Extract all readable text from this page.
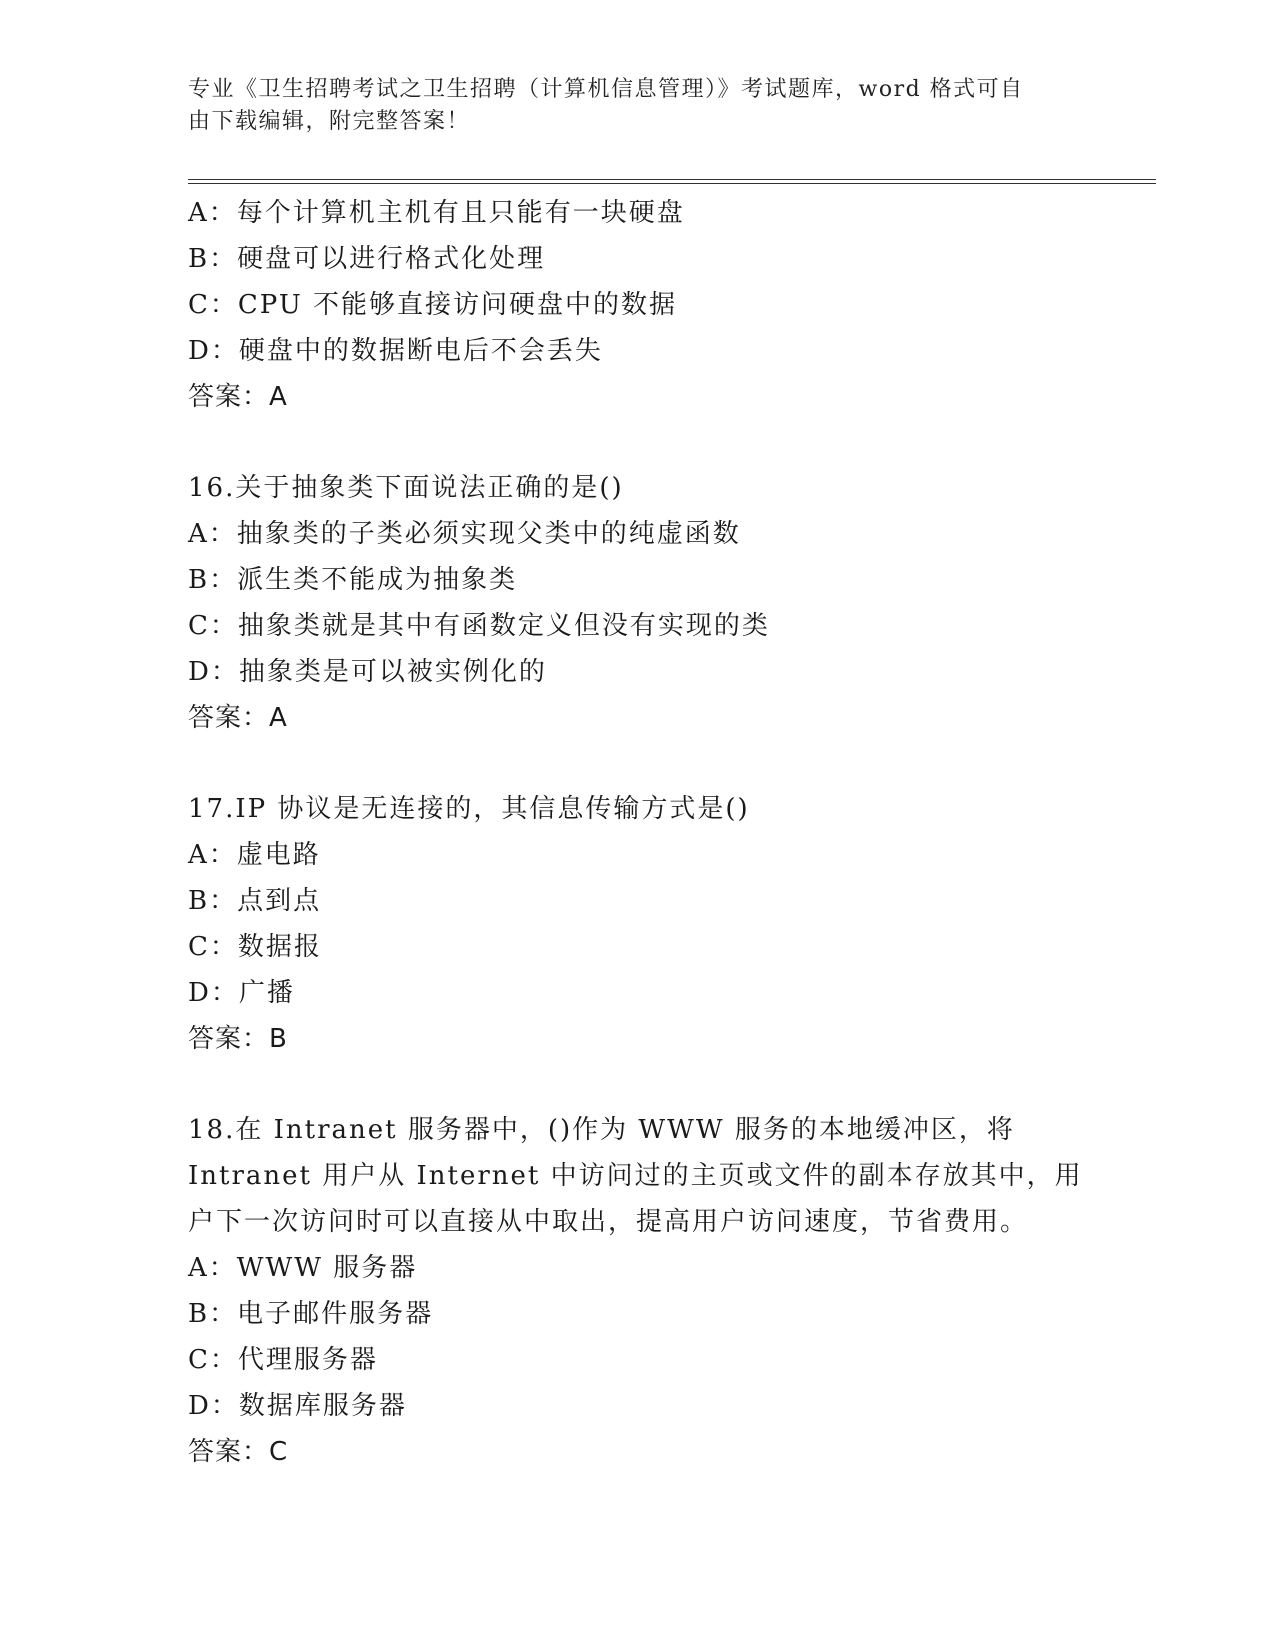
专业《卫生招聘考试之卫生招聘（计算机信息管理）》考试题库，word 格式可自
由下载编辑，附完整答案！
A：每个计算机主机有且只能有一块硬盘
B：硬盘可以进行格式化处理
C：CPU 不能够直接访问硬盘中的数据
D：硬盘中的数据断电后不会丢失
答案：A
16.关于抽象类下面说法正确的是()
A：抽象类的子类必须实现父类中的纯虚函数
B：派生类不能成为抽象类
C：抽象类就是其中有函数定义但没有实现的类
D：抽象类是可以被实例化的
答案：A
17.IP 协议是无连接的，其信息传输方式是()
A：虚电路
B：点到点
C：数据报
D：广播
答案：B
18.在 Intranet 服务器中，()作为 WWW 服务的本地缓冲区，将
Intranet 用户从 Internet 中访问过的主页或文件的副本存放其中，用
户下一次访问时可以直接从中取出，提高用户访问速度，节省费用。
A：WWW 服务器
B：电子邮件服务器
C：代理服务器
D：数据库服务器
答案：C
